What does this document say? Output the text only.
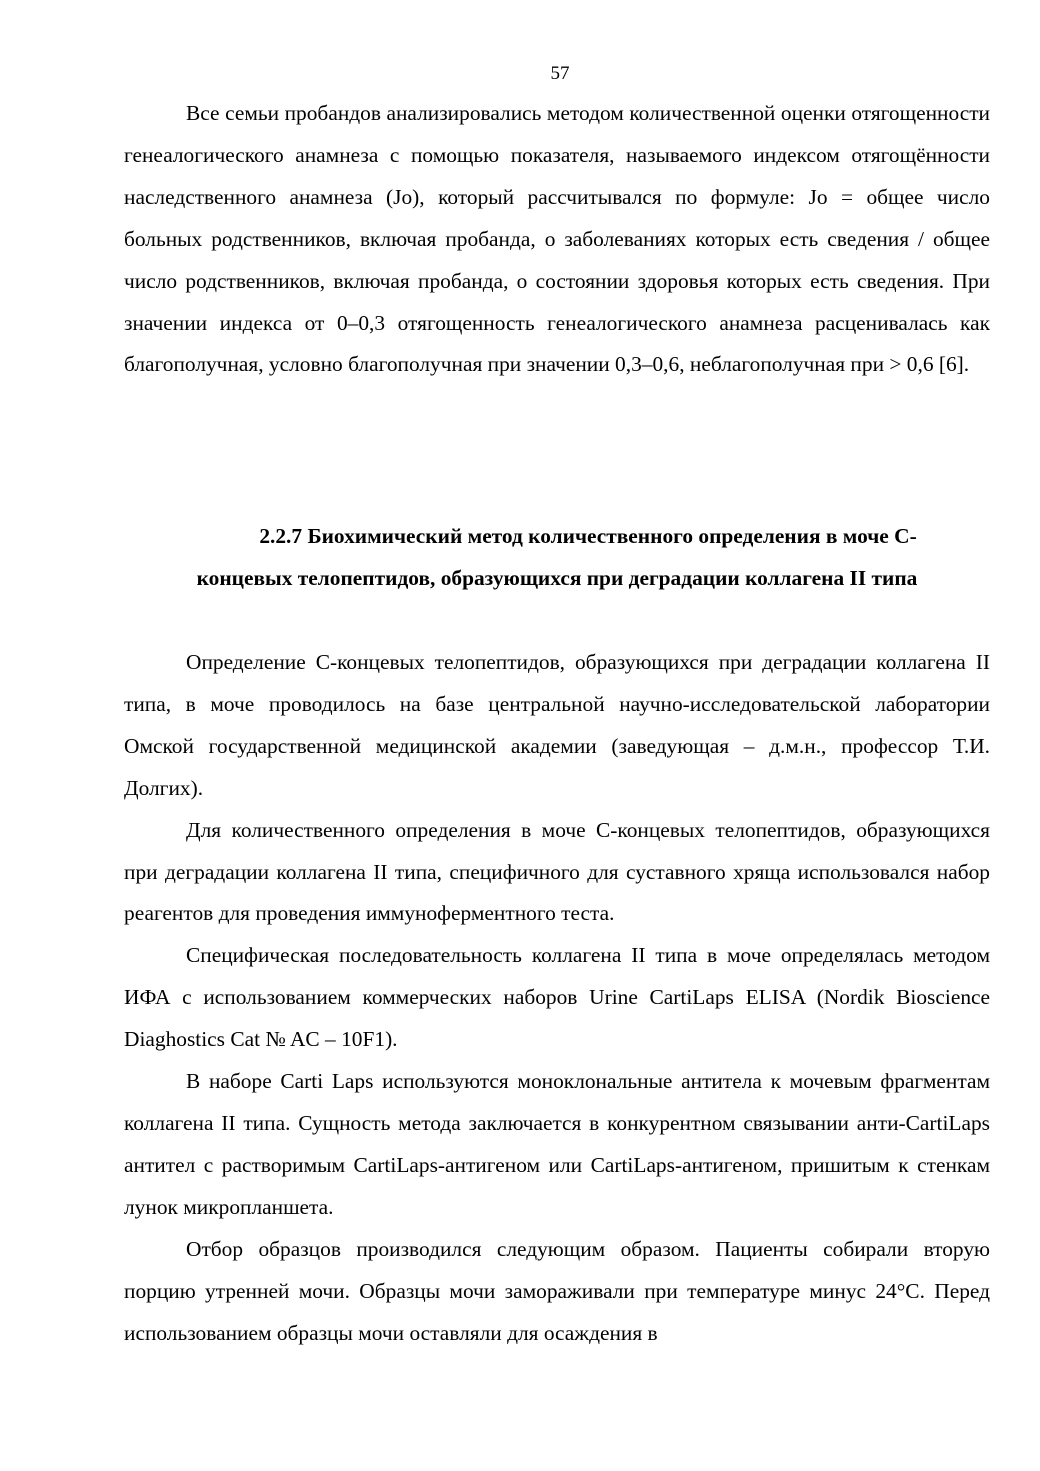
57

Все семьи пробандов анализировались методом количественной оценки отягощенности генеалогического анамнеза с помощью показателя, называемого индексом отягощённости наследственного анамнеза (Jo), который рассчитывался по формуле: Jo = общее число больных родственников, включая пробанда, о заболеваниях которых есть сведения / общее число родственников, включая пробанда, о состоянии здоровья которых есть сведения. При значении индекса от 0–0,3 отягощенность генеалогического анамнеза расценивалась как благополучная, условно благополучная при значении 0,3–0,6, неблагополучная при > 0,6 [6].

2.2.7 Биохимический метод количественного определения в моче С-
концевых телопептидов, образующихся при деградации коллагена II типа

Определение С-концевых телопептидов, образующихся при деградации коллагена II типа, в моче проводилось на базе центральной научно-исследовательской лаборатории Омской государственной медицинской академии (заведующая – д.м.н., профессор Т.И. Долгих).

Для количественного определения в моче С-концевых телопептидов, образующихся при деградации коллагена II типа, специфичного для суставного хряща использовался набор реагентов для проведения иммуноферментного теста.

Специфическая последовательность коллагена II типа в моче определялась методом ИФА с использованием коммерческих наборов Urine CartiLaps ELISA (Nordik Bioscience Diaghostics Cat № AC – 10F1).

В наборе Carti Laps используются моноклональные антитела к мочевым фрагментам коллагена II типа. Сущность метода заключается в конкурентном связывании анти-CartiLaps антител с растворимым CartiLaps-антигеном или CartiLaps-антигеном, пришитым к стенкам лунок микропланшета.

Отбор образцов производился следующим образом. Пациенты собирали вторую порцию утренней мочи. Образцы мочи замораживали при температуре минус 24°С. Перед использованием образцы мочи оставляли для осаждения в
